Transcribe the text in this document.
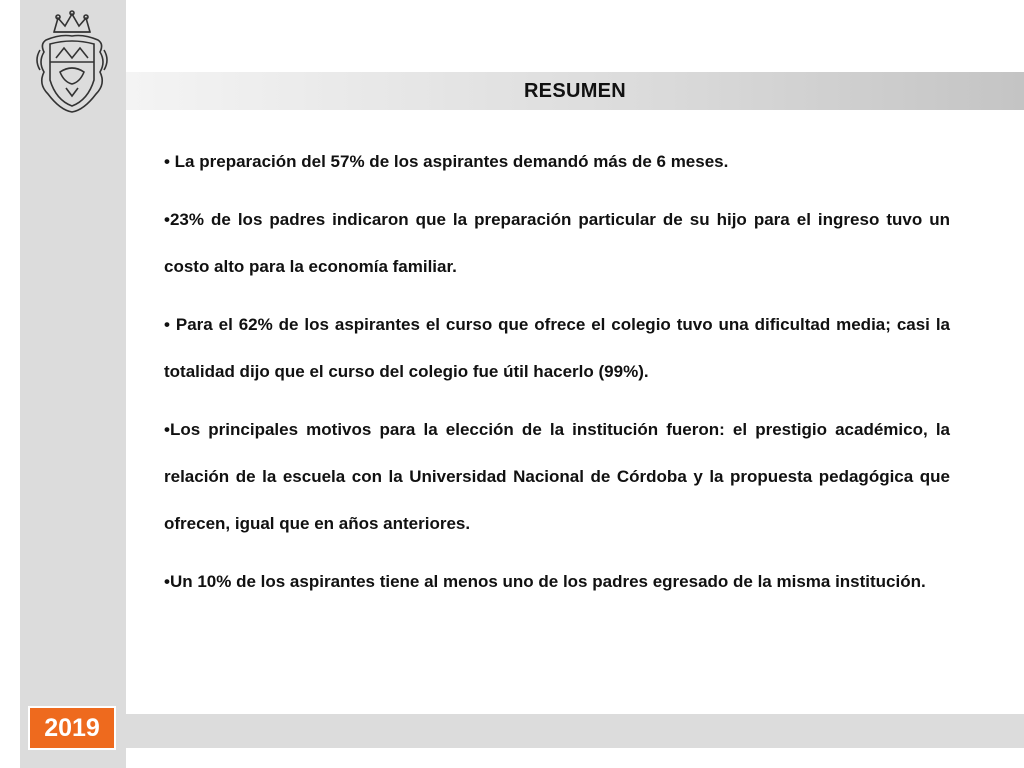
RESUMEN

• La preparación del 57% de los aspirantes demandó más de 6 meses.

•23% de los padres indicaron que la preparación particular de su hijo para el ingreso tuvo un costo alto para la economía familiar.

• Para el 62% de los aspirantes el curso que ofrece el colegio tuvo una dificultad media; casi la totalidad dijo que el curso del colegio fue útil hacerlo (99%).

•Los principales motivos para la elección de la institución fueron: el prestigio académico, la relación de la escuela con la Universidad Nacional de Córdoba y la propuesta pedagógica que ofrecen, igual que en años anteriores.

•Un 10% de los aspirantes tiene al menos uno de los padres egresado de la misma institución.

2019
